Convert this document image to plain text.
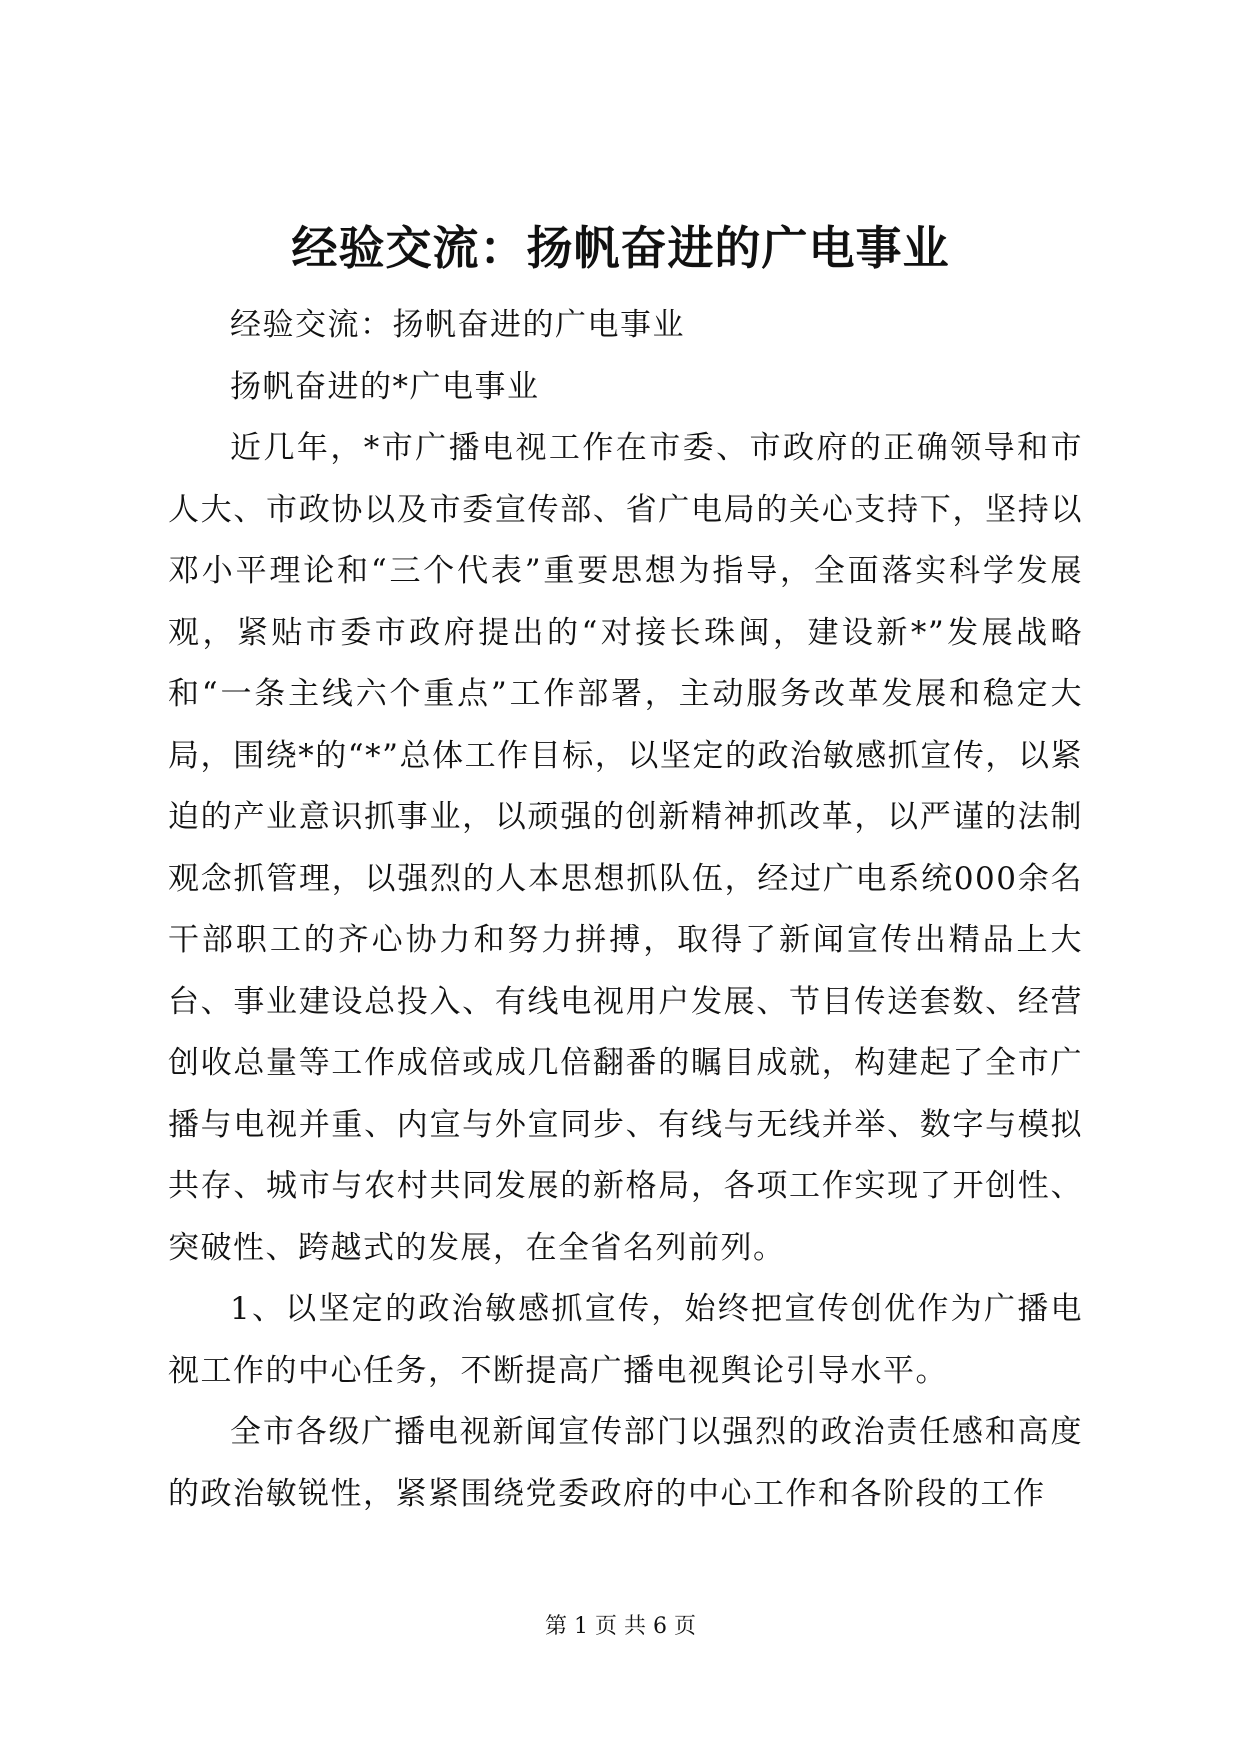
经验交流：扬帆奋进的广电事业

经验交流：扬帆奋进的广电事业

扬帆奋进的*广电事业

近几年，*市广播电视工作在市委、市政府的正确领导和市人大、市政协以及市委宣传部、省广电局的关心支持下，坚持以邓小平理论和“三个代表”重要思想为指导，全面落实科学发展观，紧贴市委市政府提出的“对接长珠闽，建设新*”发展战略和“一条主线六个重点”工作部署，主动服务改革发展和稳定大局，围绕*的“*”总体工作目标，以坚定的政治敏感抓宣传，以紧迫的产业意识抓事业，以顽强的创新精神抓改革，以严谨的法制观念抓管理，以强烈的人本思想抓队伍，经过广电系统000余名干部职工的齐心协力和努力拼搏，取得了新闻宣传出精品上大台、事业建设总投入、有线电视用户发展、节目传送套数、经营创收总量等工作成倍或成几倍翻番的瞩目成就，构建起了全市广播与电视并重、内宣与外宣同步、有线与无线并举、数字与模拟共存、城市与农村共同发展的新格局，各项工作实现了开创性、突破性、跨越式的发展，在全省名列前列。

1、以坚定的政治敏感抓宣传，始终把宣传创优作为广播电视工作的中心任务，不断提高广播电视舆论引导水平。

全市各级广播电视新闻宣传部门以强烈的政治责任感和高度的政治敏锐性，紧紧围绕党委政府的中心工作和各阶段的工作

第 1 页 共 6 页
